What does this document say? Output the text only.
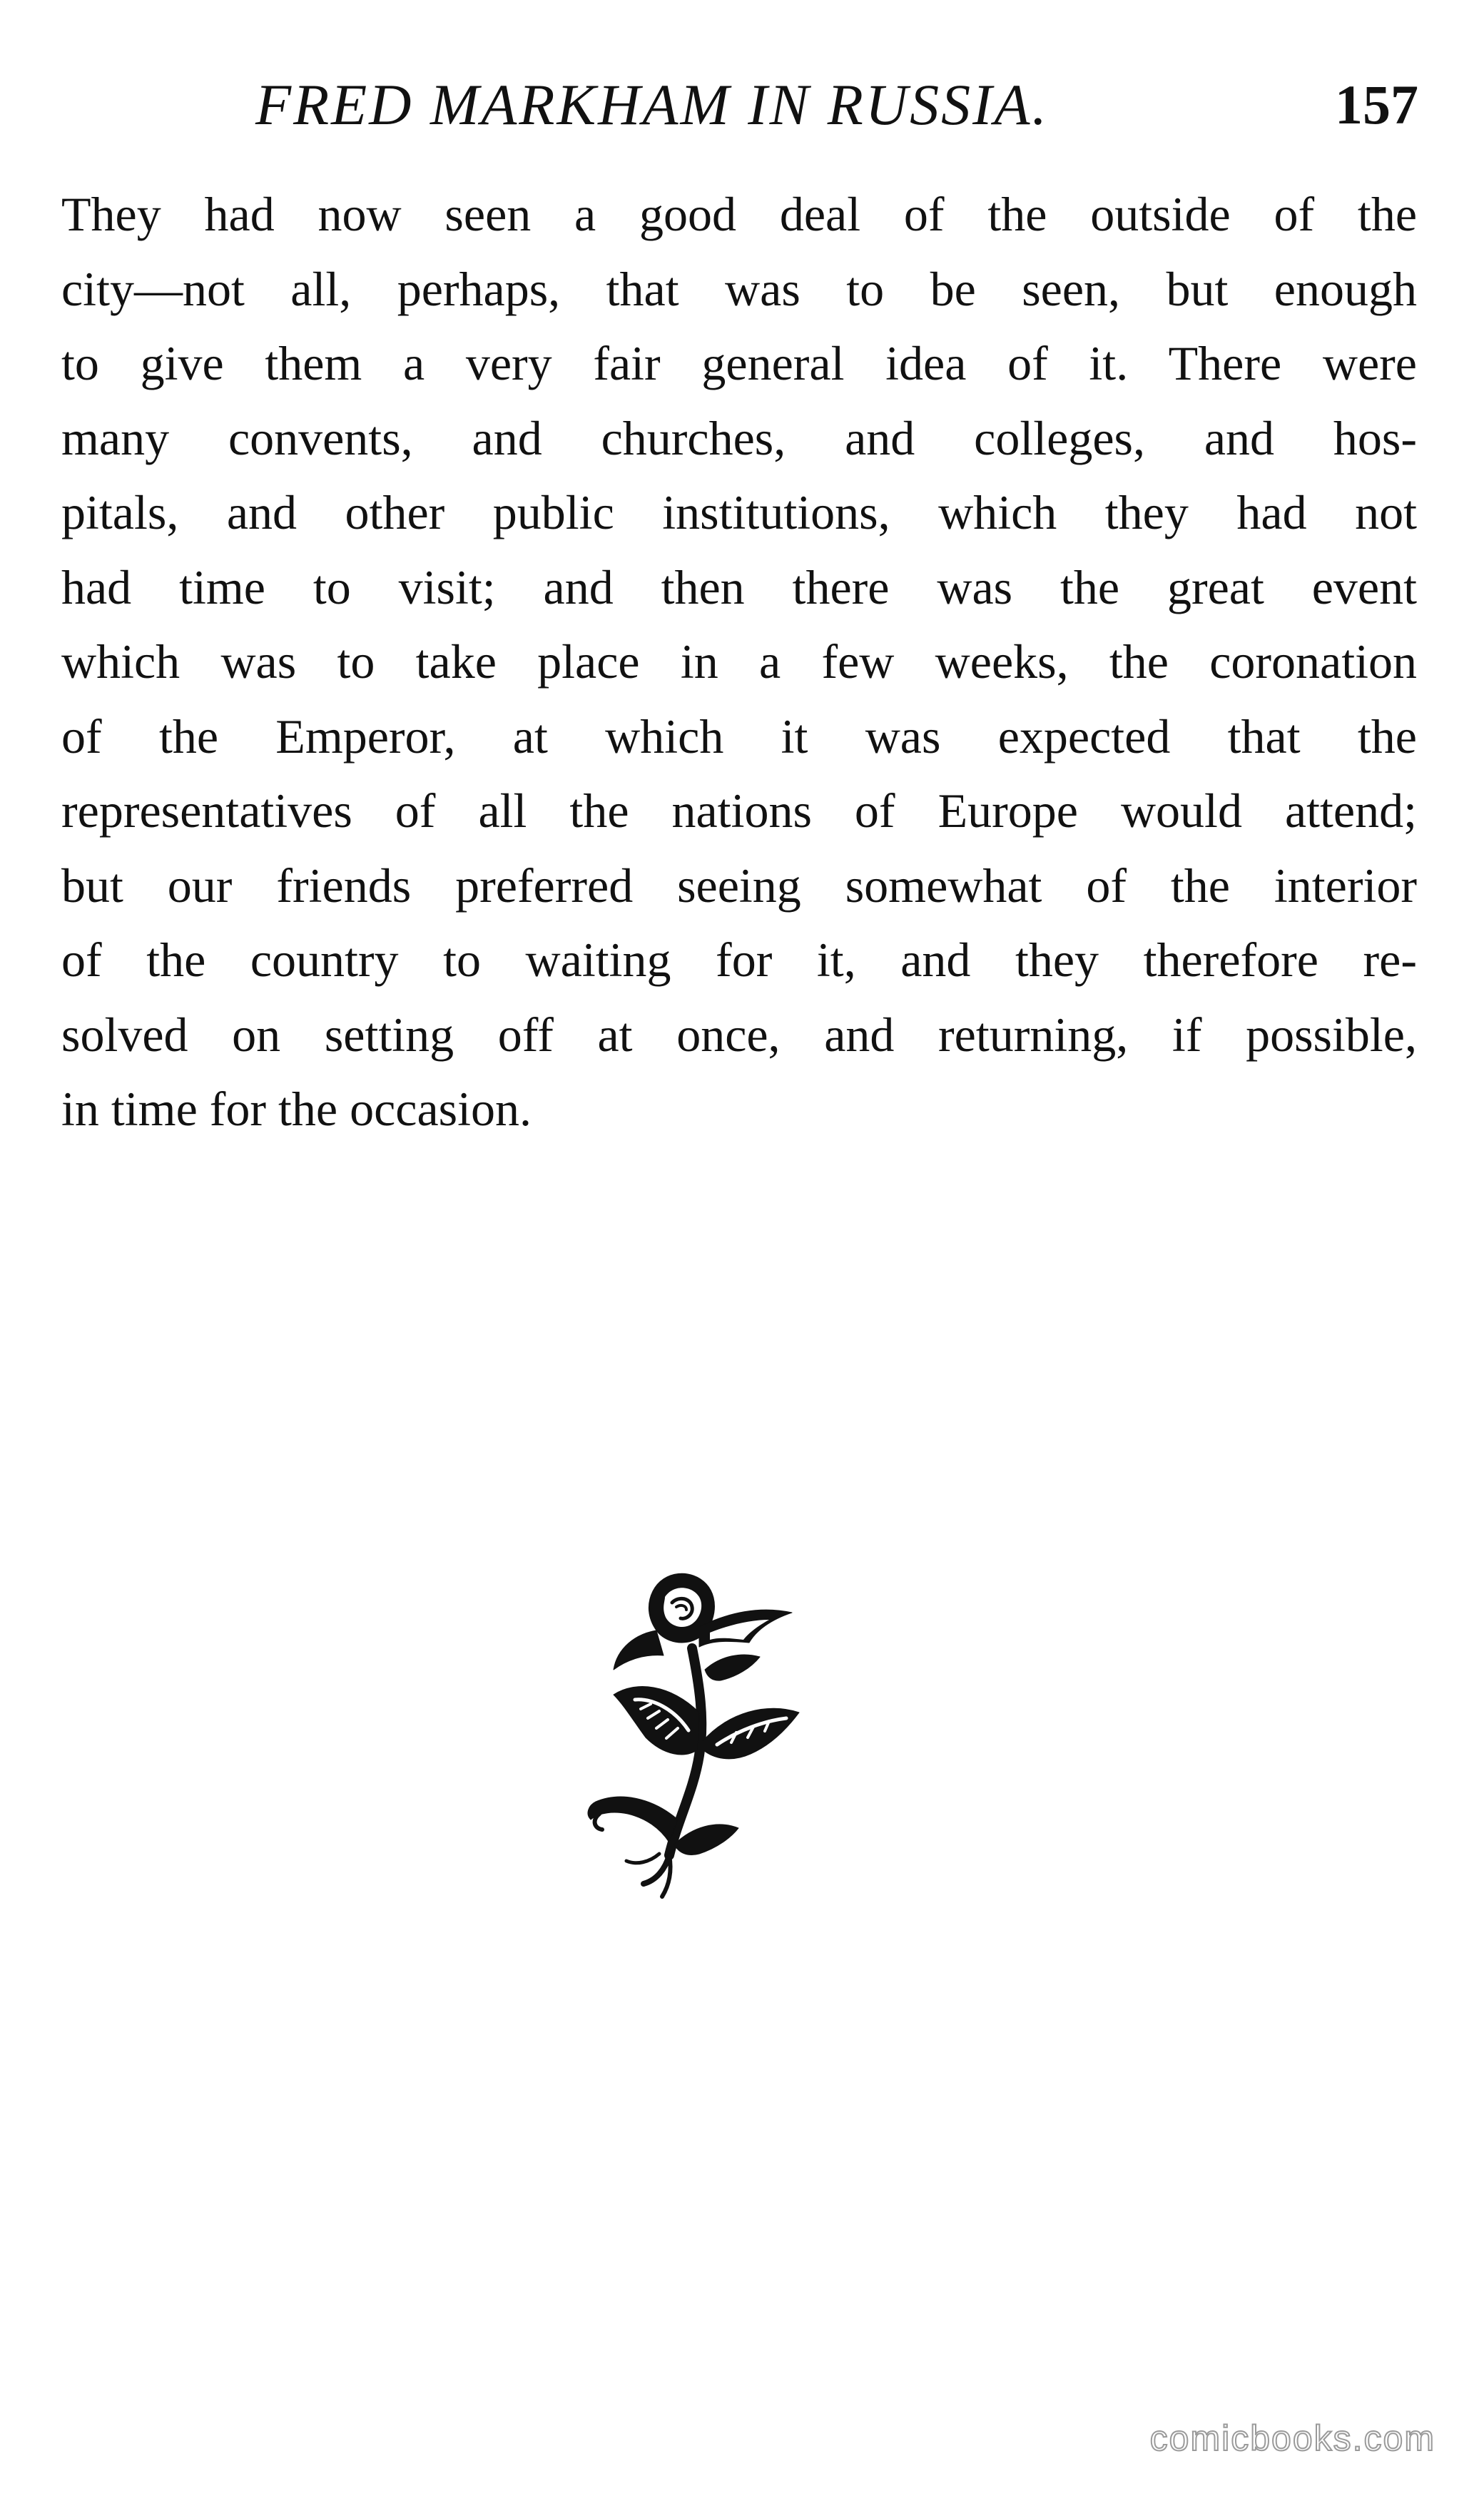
FRED MARKHAM IN RUSSIA.	157
They had now seen a good deal of the outside of the
city—not all, perhaps, that was to be seen, but enough
to give them a very fair general idea of it. There were
many convents, and churches, and colleges, and hos-
pitals, and other public institutions, which they had not
had time to visit; and then there was the great event
which was to take place in a few weeks, the coronation
of the Emperor, at which it was expected that the
representatives of all the nations of Europe would attend;
but our friends preferred seeing somewhat of the interior
of the country to waiting for it, and they therefore re-
solved on setting off at once, and returning, if possible,
in time for the occasion.
comicbooks.com
